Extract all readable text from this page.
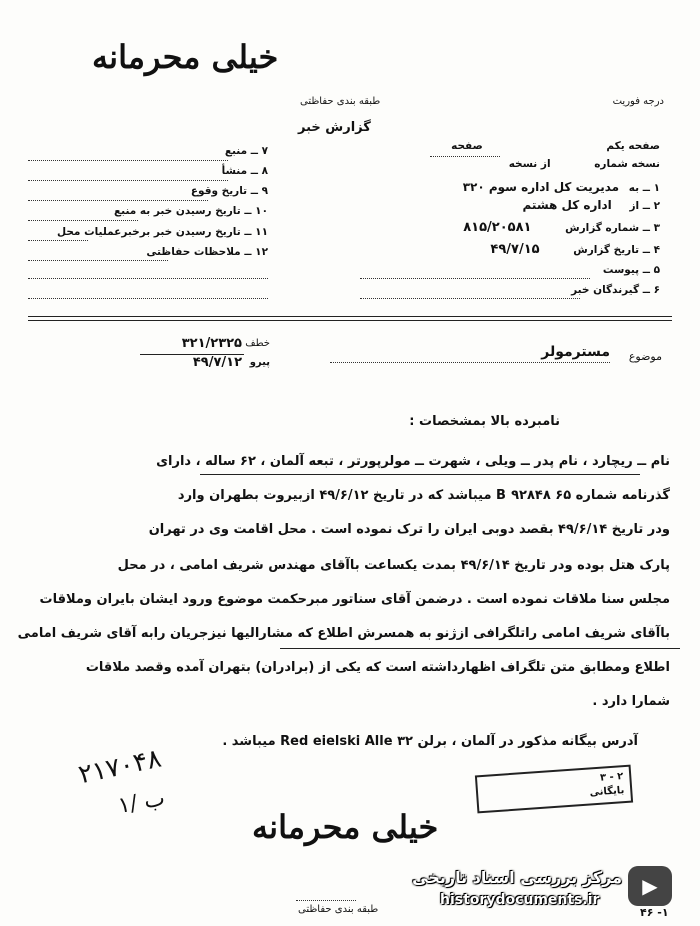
خیلی محرمانه
درجه فوریت
طبقه بندی حفاظتی
گزارش خبر
صفحه یکم صفحه
نسخه شماره از نسخه
۱ ــ به مدیریت کل اداره سوم ۳۲۰
۲ ــ از اداره کل هشتم
۳ ــ شماره گزارش ۸۱۵/۲۰۵۸۱
۴ ــ تاریخ گزارش ۴۹/۷/۱۵
۵ ــ پیوست
۶ ــ گیرندگان خبر
۷ ــ منبع
۸ ــ منشأ
۹ ــ تاریخ وقوع
۱۰ ــ تاریخ رسیدن خبر به منبع
۱۱ ــ تاریخ رسیدن خبر برخبرعملیات محل
۱۲ ــ ملاحظات حفاظتی
موضوع
مسترمولر
خطف
۳۲۱/۲۳۲۵
پیرو
۴۹/۷/۱۲
نامبرده بالا بمشخصات :
نام ــ ریچارد ، نام پدر ــ ویلی ، شهرت ــ مولرپورتر ، تبعه آلمان ، ۶۲ ساله ، دارای
گذرنامه شماره B ۹۲۸۴۸ ۶۵ میباشد که در تاریخ ۴۹/۶/۱۲ ازبیروت بطهران وارد
ودر تاریخ ۴۹/۶/۱۴ بقصد دوبی ایران را ترک نموده است . محل اقامت وی در تهران
پارک هتل بوده ودر تاریخ ۴۹/۶/۱۴ بمدت یکساعت باآقای مهندس شریف امامی ، در محل
مجلس سنا ملاقات نموده است . درضمن آقای سناتور مبرحکمت موضوع ورود ایشان بایران وملاقات
باآقای شریف امامی راتلگرافی ازژنو به همسرش اطلاع که مشارالیها نیزجریان رابه آقای شریف امامی
اطلاع ومطابق متن تلگراف اظهارداشته است که یکی از (برادران) بتهران آمده وقصد ملاقات
شمارا دارد .
آدرس بیگانه مذکور در آلمان ، برلن ۳۲ Red eielski Alle میباشد .
۲۱۷۰۴۸
۱/ ب
۲ - ۳
بایگانی
خیلی محرمانه
طبقه بندی حفاظتی	۴۶ -۱
▶
مرکز بررسی اسناد تاریخی
historydocuments.ir
